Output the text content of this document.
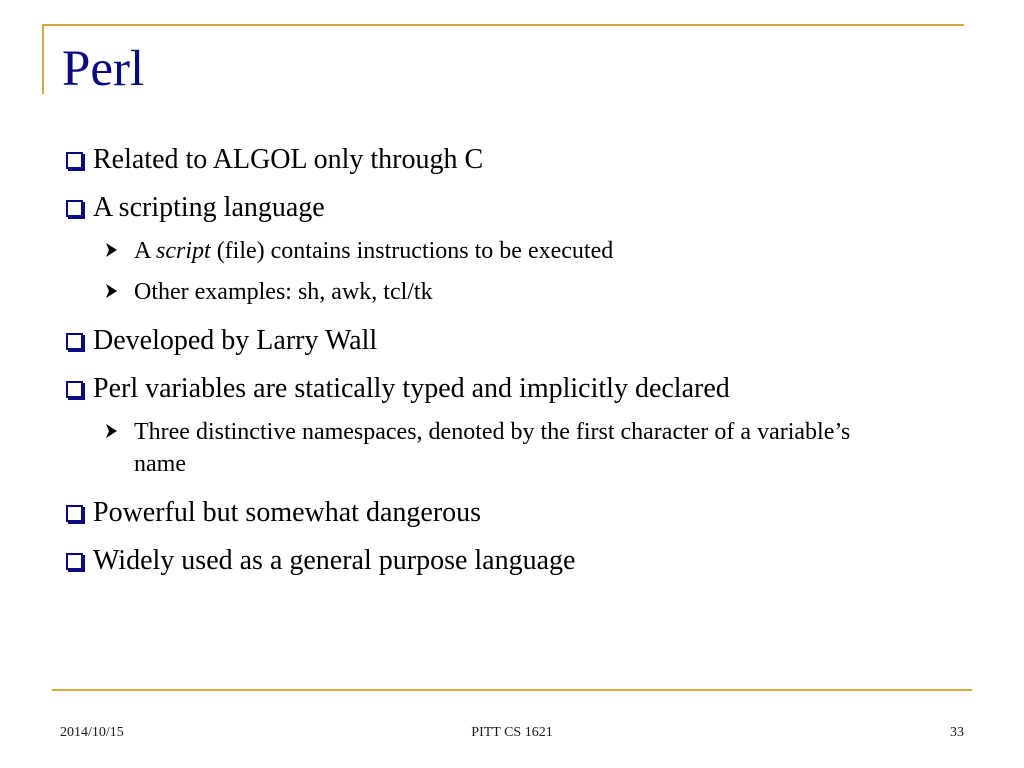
Perl
Related to ALGOL only through C
A scripting language
A script (file) contains instructions to be executed
Other examples: sh, awk, tcl/tk
Developed by Larry Wall
Perl variables are statically typed and implicitly declared
Three distinctive namespaces, denoted by the first character of a variable’s name
Powerful but somewhat dangerous
Widely used as a general purpose language
2014/10/15	PITT CS 1621	33
